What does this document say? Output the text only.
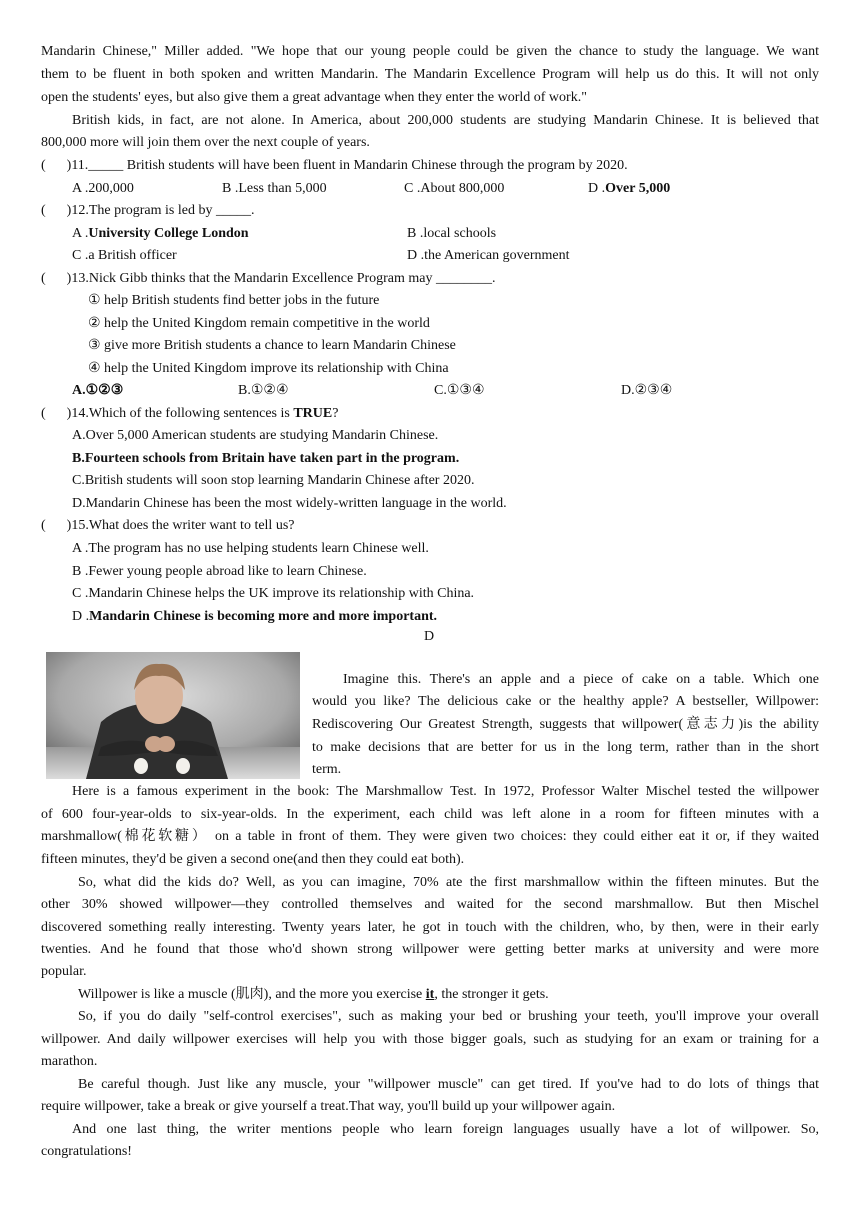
Mandarin Chinese," Miller added. "We hope that our young people could be given the chance to study the language. We want
them to be fluent in both spoken and written Mandarin. The Mandarin Excellence Program will help us do this. It will not only
open the students' eyes, but also give them a great advantage when they enter the world of work."
British kids, in fact, are not alone. In America, about 200,000 students are studying Mandarin Chinese. It is believed that
800,000 more will join them over the next couple of years.
(      )11._____ British students will have been fluent in Mandarin Chinese through the program by 2020.
A .200,000	B .Less than 5,000	C .About 800,000	D .Over 5,000
(      )12.The program is led by _____.
A .University College London	B .local schools
C .a British officer	D .the American government
(      )13.Nick Gibb thinks that the Mandarin Excellence Program may ________.
① help British students find better jobs in the future
② help the United Kingdom remain competitive in the world
③ give more British students a chance to learn Mandarin Chinese
④ help the United Kingdom improve its relationship with China
A.①②③	B.①②④	C.①③④	D.②③④
(      )14.Which of the following sentences is TRUE?
A.Over 5,000 American students are studying Mandarin Chinese.
B.Fourteen schools from Britain have taken part in the program.
C.British students will soon stop learning Mandarin Chinese after 2020.
D.Mandarin Chinese has been the most widely-written language in the world.
(      )15.What does the writer want to tell us?
A .The program has no use helping students learn Chinese well.
B .Fewer young people abroad like to learn Chinese.
C .Mandarin Chinese helps the UK improve its relationship with China.
D .Mandarin Chinese is becoming more and more important.
D
Imagine this. There's an apple and a piece of cake on a table. Which one
would you like? The delicious cake or the healthy apple? A bestseller, Willpower:
Rediscovering Our Greatest Strength, suggests that willpower(意志力)is the ability
to make decisions that are better for us in the long term, rather than in the short
term.
Here is a famous experiment in the book: The Marshmallow Test. In 1972, Professor Walter Mischel tested the willpower
of 600 four-year-olds to six-year-olds. In the experiment, each child was left alone in a room for fifteen minutes with a
marshmallow(棉花软糖） on a table in front of them. They were given two choices: they could either eat it or, if they waited
fifteen minutes, they'd be given a second one(and then they could eat both).
So, what did the kids do? Well, as you can imagine, 70% ate the first marshmallow within the fifteen minutes. But the
other 30% showed willpower—they controlled themselves and waited for the second marshmallow. But then Mischel
discovered something really interesting. Twenty years later, he got in touch with the children, who, by then, were in their early
twenties. And he found that those who'd shown strong willpower were getting better marks at university and were more
popular.
Willpower is like a muscle (肌肉), and the more you exercise it, the stronger it gets.
So, if you do daily "self-control exercises", such as making your bed or brushing your teeth, you'll improve your overall
willpower. And daily willpower exercises will help you with those bigger goals, such as studying for an exam or training for a
marathon.
Be careful though. Just like any muscle, your "willpower muscle" can get tired. If you've had to do lots of things that
require willpower, take a break or give yourself a treat.That way, you'll build up your willpower again.
And one last thing, the writer mentions people who learn foreign languages usually have a lot of willpower. So,
congratulations!
